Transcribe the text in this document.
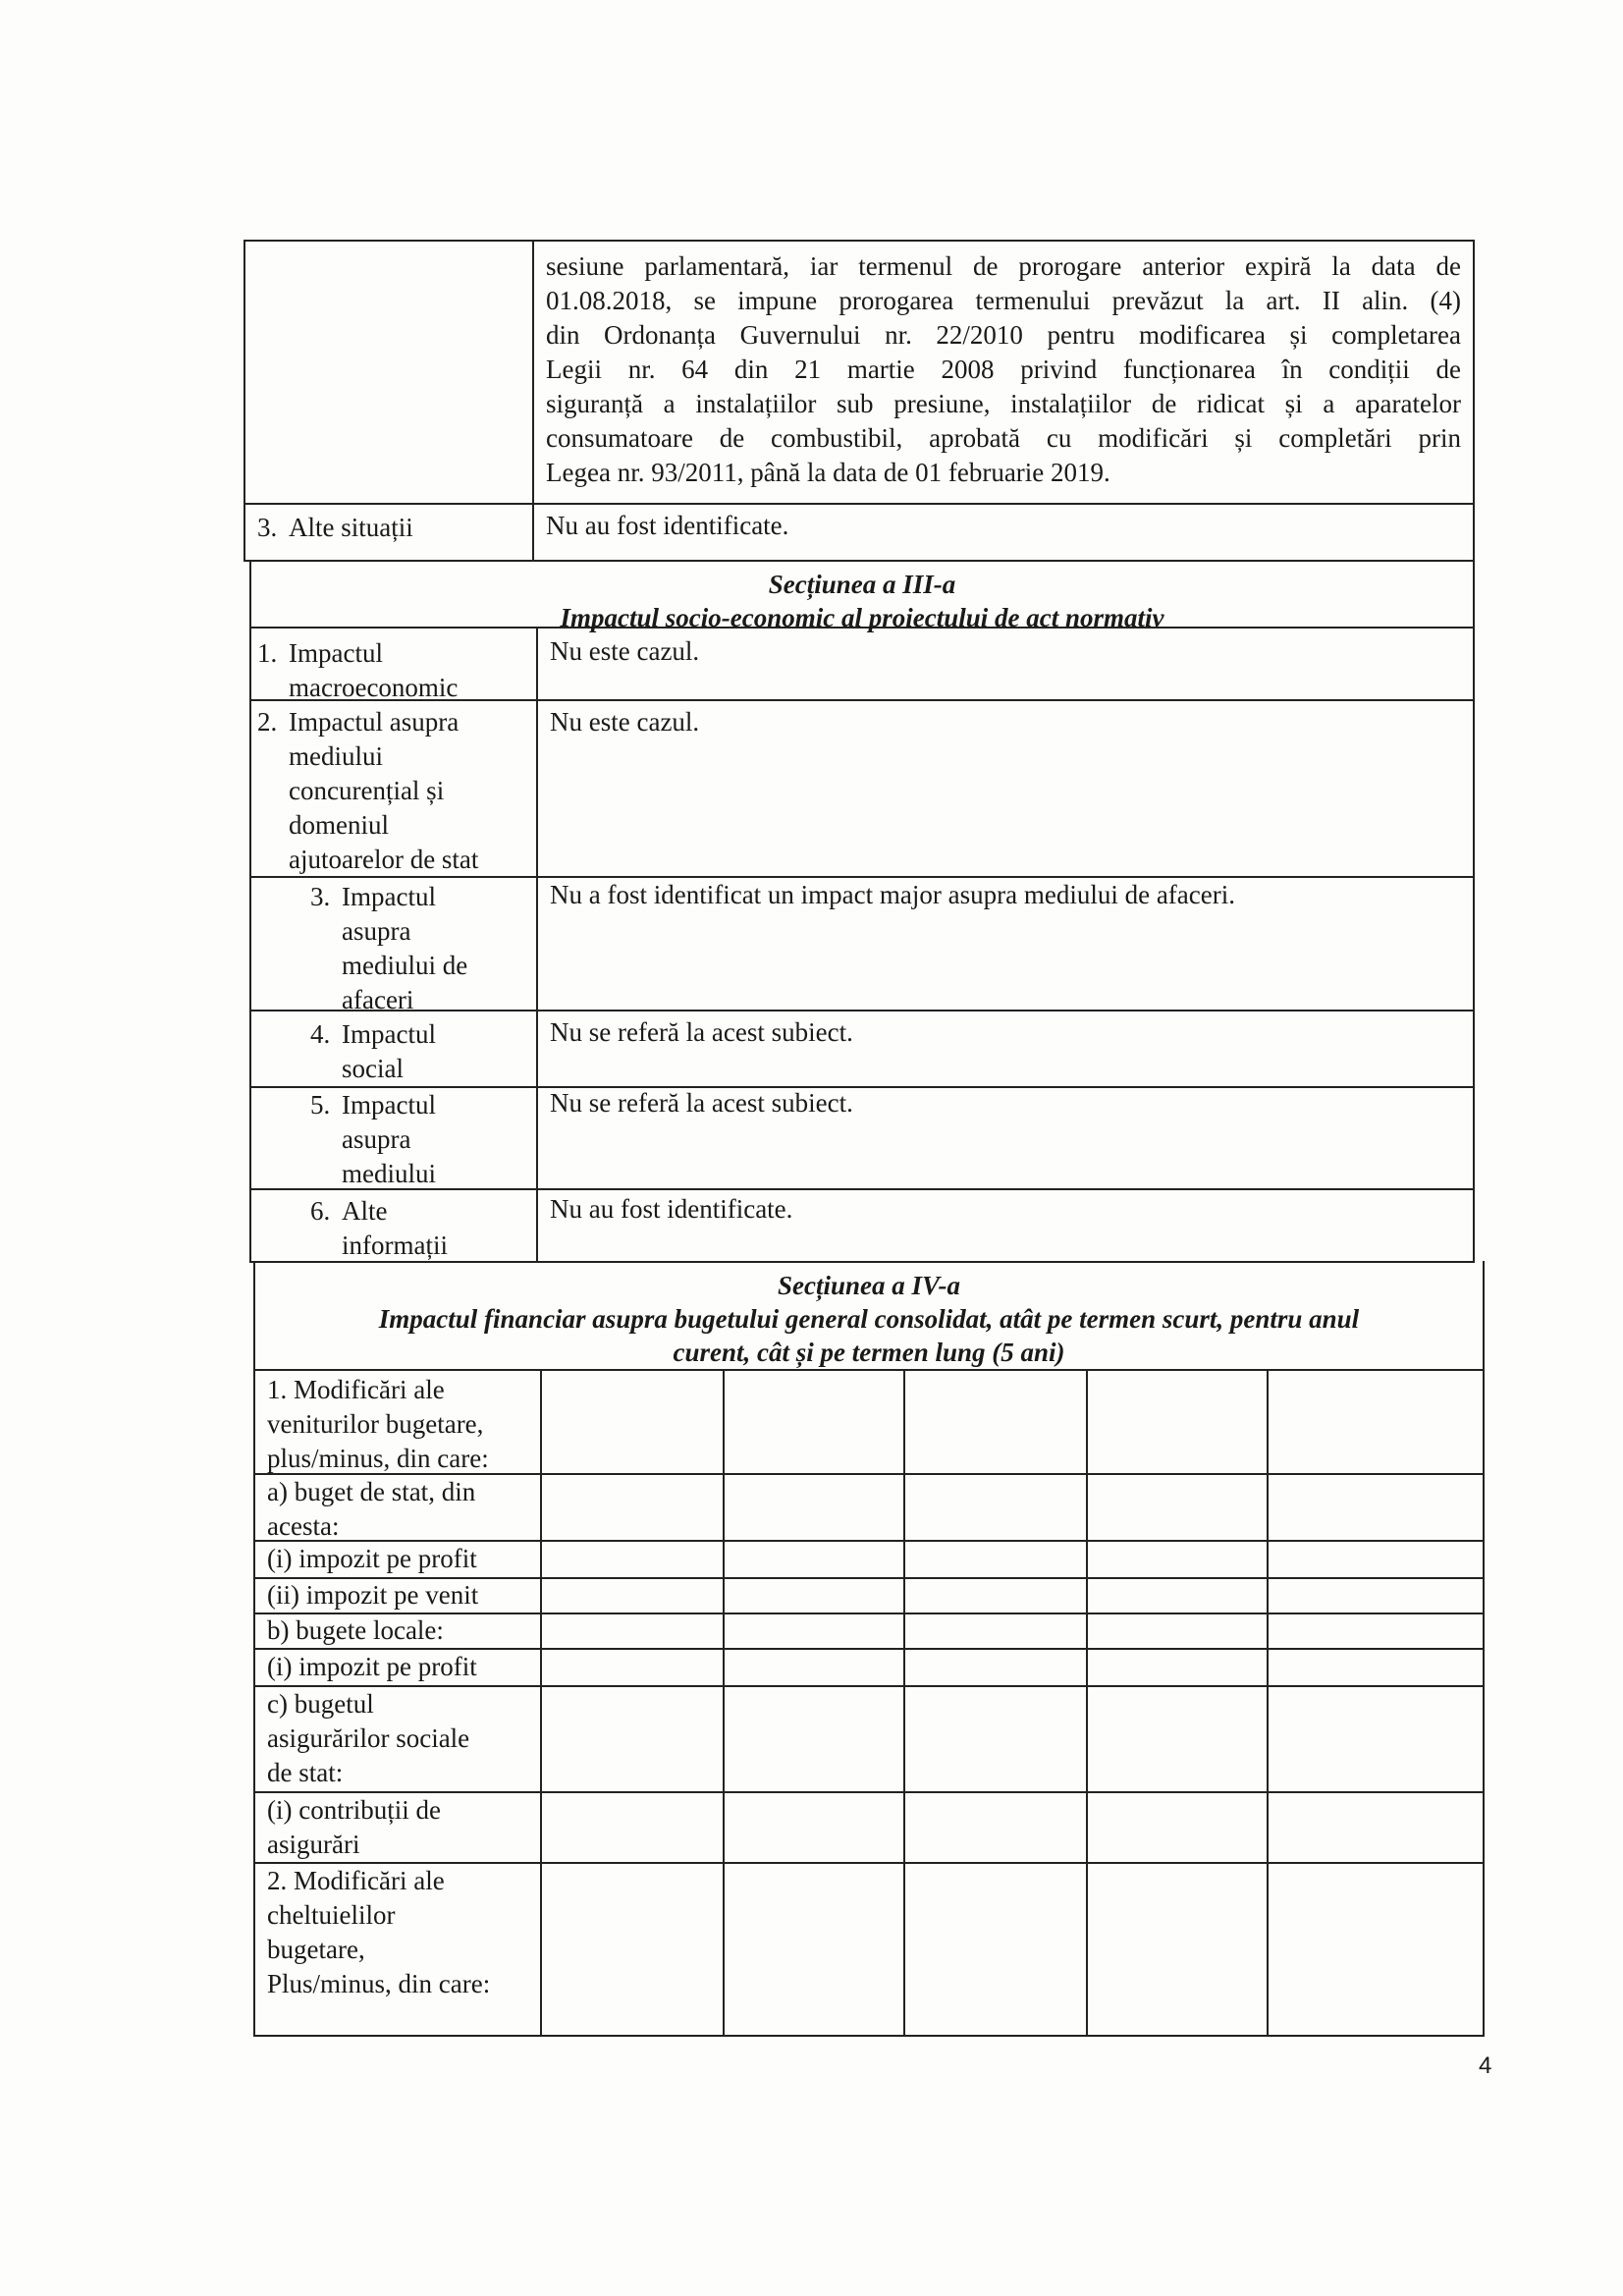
sesiune parlamentară, iar termenul de prorogare anterior expiră la data de
01.08.2018, se impune prorogarea termenului prevăzut la art. II alin. (4)
din Ordonanța Guvernului nr. 22/2010 pentru modificarea și completarea
Legii nr. 64 din 21 martie 2008 privind funcționarea în condiții de
siguranță a instalațiilor sub presiune, instalațiilor de ridicat și a aparatelor
consumatoare de combustibil, aprobată cu modificări și completări prin
Legea nr. 93/2011, până la data de 01 februarie 2019.
3. Alte situații	Nu au fost identificate.
Secțiunea a III-a
Impactul socio-economic al proiectului de act normativ
1. Impactul
macroeconomic
Nu este cazul.
2. Impactul asupra
mediului
concurențial și
domeniul
ajutoarelor de stat
Nu este cazul.
3. Impactul
asupra
mediului de
afaceri
Nu a fost identificat un impact major asupra mediului de afaceri.
4. Impactul
social
Nu se referă la acest subiect.
5. Impactul
asupra
mediului
Nu se referă la acest subiect.
6. Alte
informații
Nu au fost identificate.
Secțiunea a IV-a
Impactul financiar asupra bugetului general consolidat, atât pe termen scurt, pentru anul
curent, cât și pe termen lung (5 ani)
1. Modificări ale
veniturilor bugetare,
plus/minus, din care:
a) buget de stat, din
acesta:
(i) impozit pe profit
(ii) impozit pe venit
b) bugete locale:
(i) impozit pe profit
c) bugetul
asigurărilor sociale
de stat:
(i) contribuții de
asigurări
2. Modificări ale
cheltuielilor
bugetare,
Plus/minus, din care:
4
